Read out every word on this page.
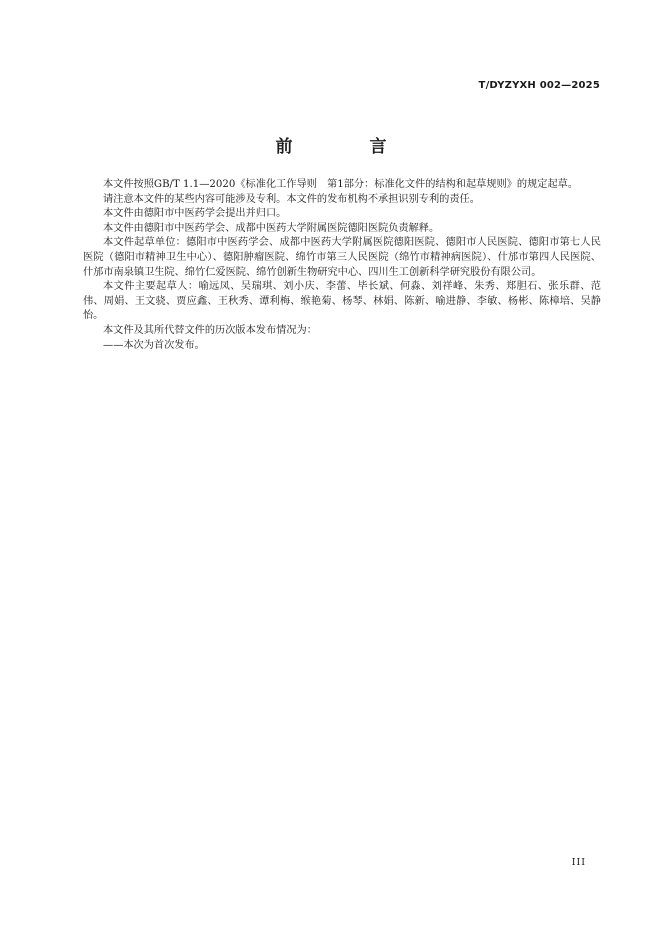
T/DYZYXH 002—2025
前　言

本文件按照GB/T 1.1—2020《标准化工作导则　第1部分：标准化文件的结构和起草规则》的规定起草。

请注意本文件的某些内容可能涉及专利。本文件的发布机构不承担识别专利的责任。

本文件由德阳市中医药学会提出并归口。

本文件由德阳市中医药学会、成都中医药大学附属医院德阳医院负责解释。

本文件起草单位：德阳市中医药学会、成都中医药大学附属医院德阳医院、德阳市人民医院、德阳市第七人民医院（德阳市精神卫生中心）、德阳肿瘤医院、绵竹市第三人民医院（绵竹市精神病医院）、什邡市第四人民医院、什邡市南泉镇卫生院、绵竹仁爱医院、绵竹创新生物研究中心、四川生工创新科学研究股份有限公司。

本文件主要起草人：喻远凤、吴瑞琪、刘小庆、李蕾、毕长斌、何淼、刘祥峰、朱秀、郑胆石、张乐群、范伟、周娟、王文骁、贾应鑫、王秋秀、谭利梅、缑艳菊、杨琴、林娟、陈新、喻进静、李敏、杨彬、陈樟培、吴静怡。

本文件及其所代替文件的历次版本发布情况为：

——本次为首次发布。

III
